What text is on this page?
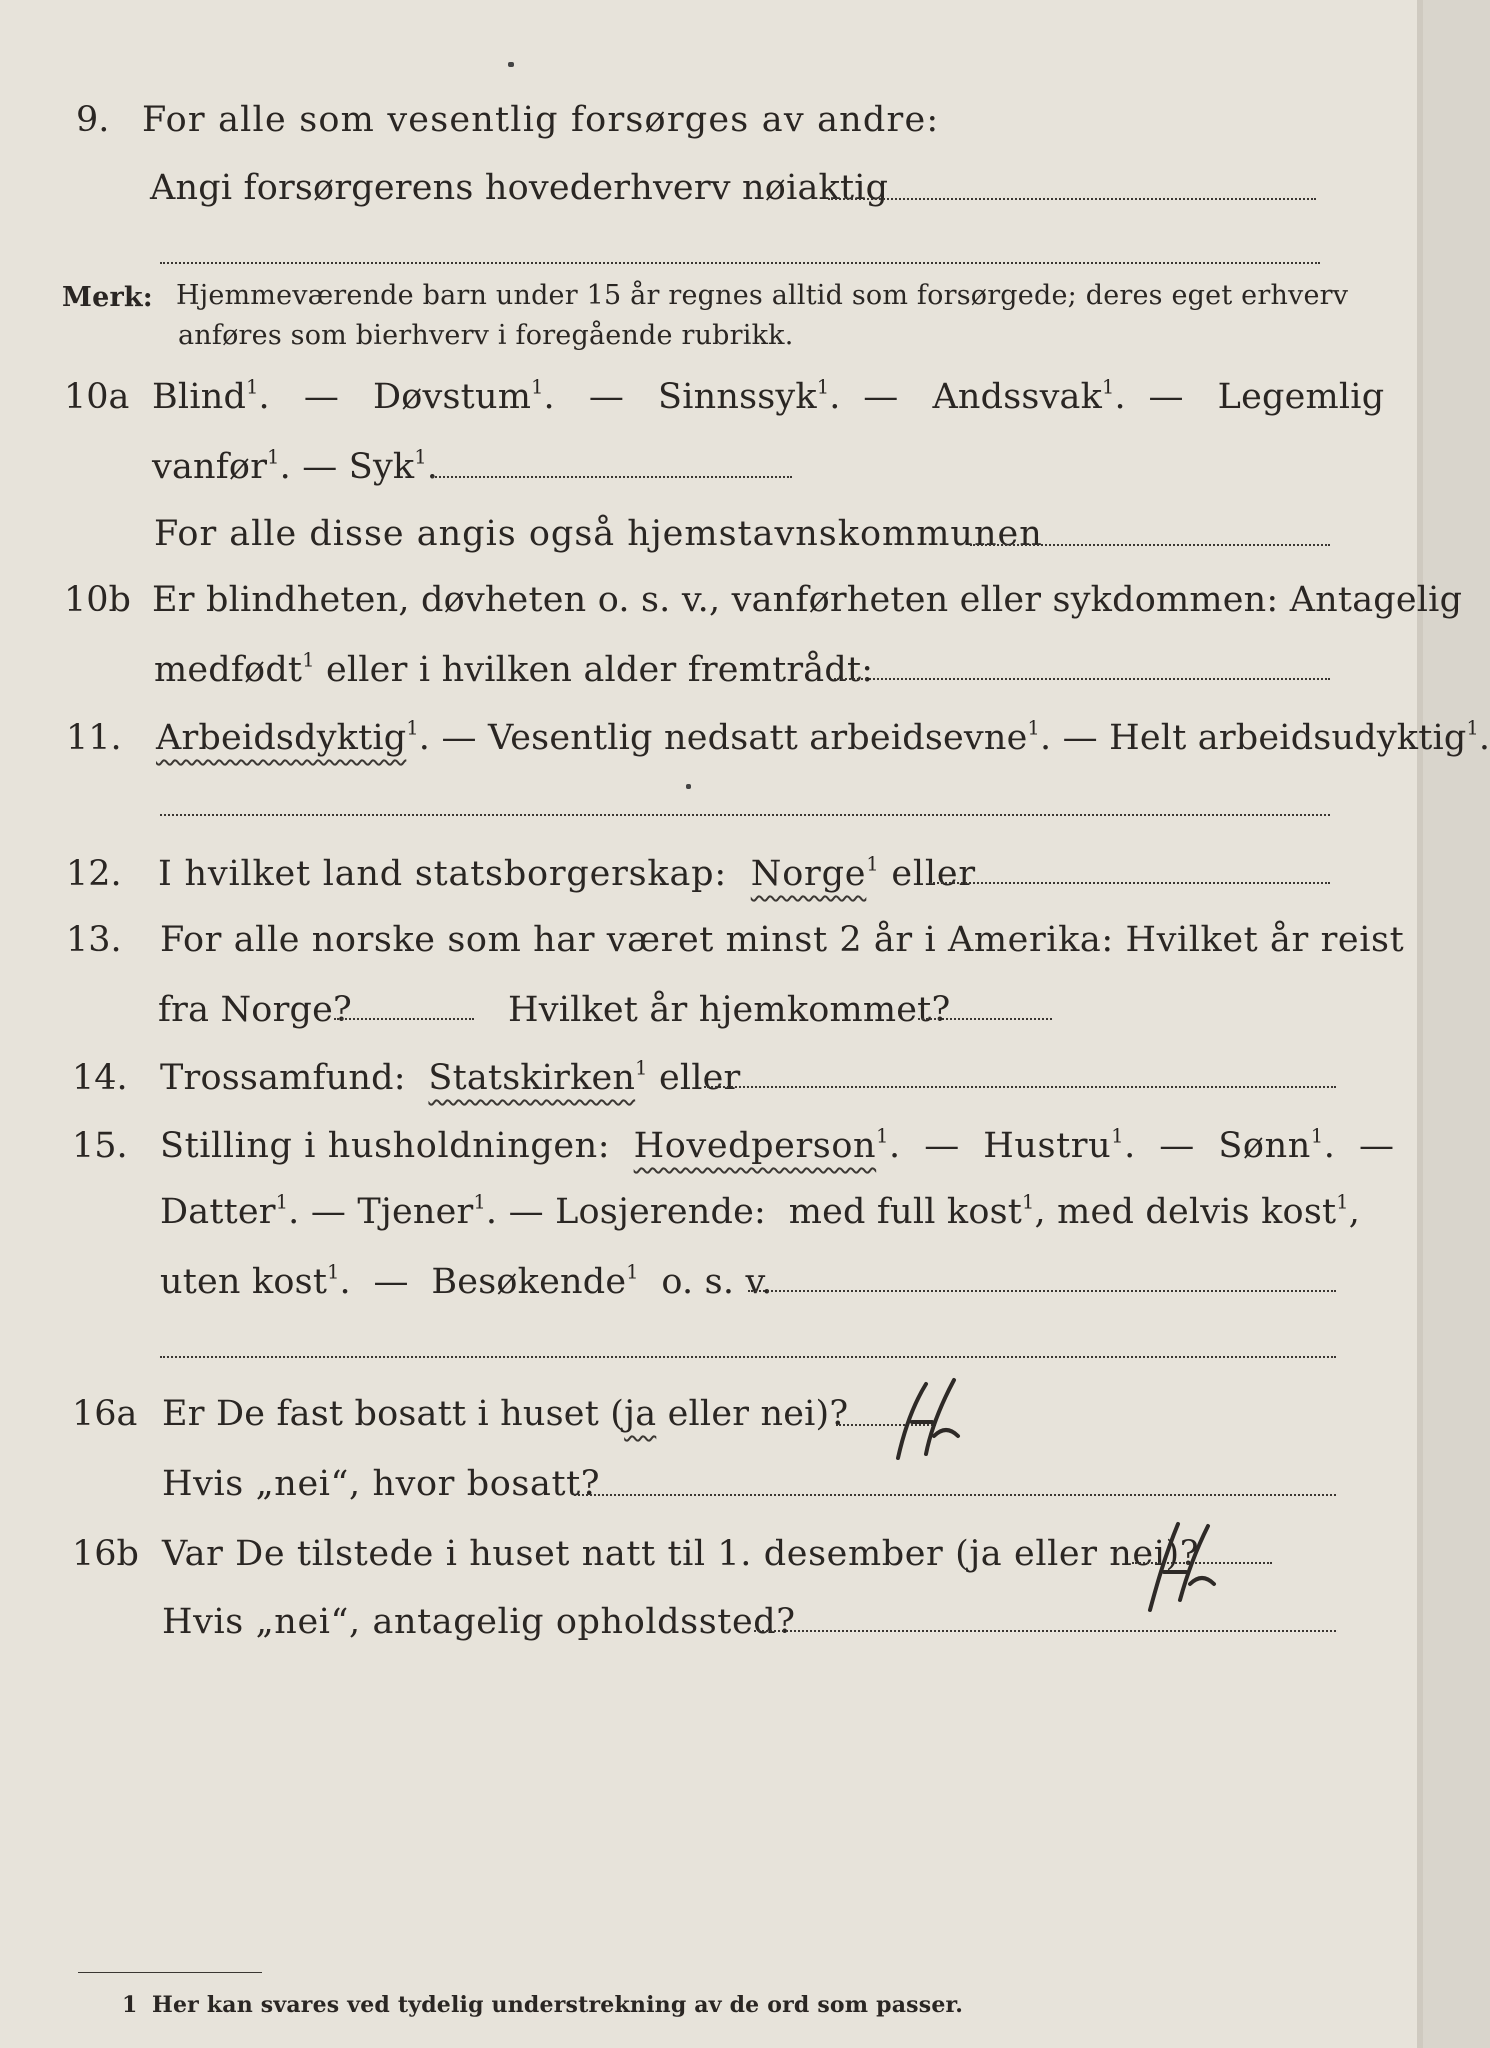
9. For alle som vesentlig forsørges av andre:
Angi forsørgerens hovederhverv nøiaktig
Merk: Hjemmeværende barn under 15 år regnes alltid som forsørgede; deres eget erhverv
anføres som bierhverv i foregående rubrikk.
10a Blind$^1$.   — Døvstum$^1$.   — Sinnssyk$^1$.  — Andssvak$^1$.  — Legemlig
vanfør$^1$. — Syk$^1$.
For alle disse angis også hjemstavnskommunen
10b Er blindheten, døvheten o. s. v., vanførheten eller sykdommen: Antagelig
medfødt$^1$ eller i hvilken alder fremtrådt:
11. Arbeidsdyktig$^1$. — Vesentlig nedsatt arbeidsevne$^1$. — Helt arbeidsudyktig$^1$.
12. I hvilket land statsborgerskap: Norge$^1$ eller
13. For alle norske som har været minst 2 år i Amerika: Hvilket år reist
fra Norge?	Hvilket år hjemkommet?
14. Trossamfund: Statskirken$^1$ eller
15. Stilling i husholdningen: Hovedperson$^1$.  — Hustru$^1$.  — Sønn$^1$.  —
Datter$^1$. — Tjener$^1$. — Losjerende: med full kost$^1$, med delvis kost$^1$,
uten kost$^1$.  — Besøkende$^1$ o. s. v.
16a Er De fast bosatt i huset (ja eller nei)?
Hvis „nei“, hvor bosatt?
16b Var De tilstede i huset natt til 1. desember (ja eller nei)?
Hvis „nei“, antagelig opholdssted?
1 Her kan svares ved tydelig understrekning av de ord som passer.
